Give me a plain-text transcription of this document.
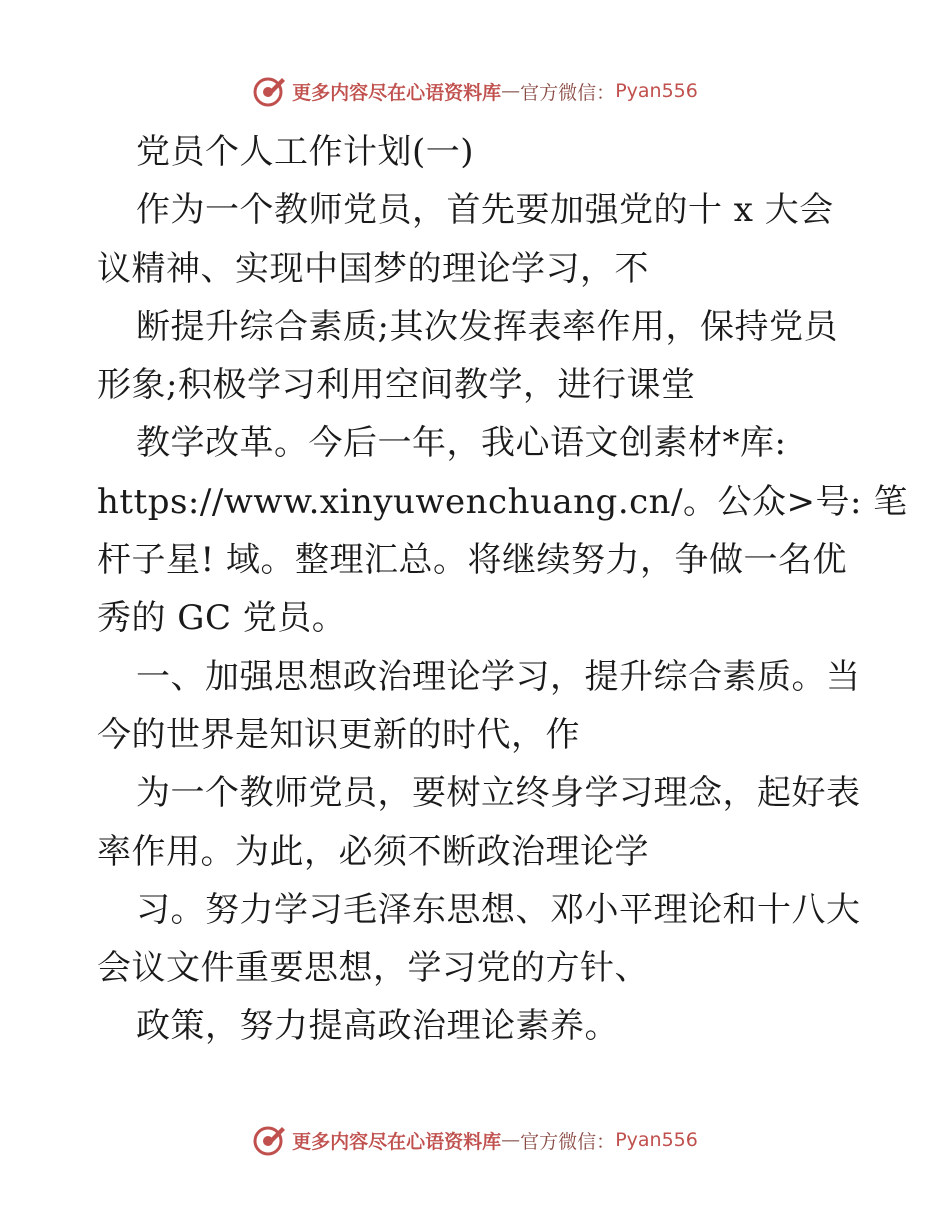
更多内容尽在 心语资料库 — 官方微信： Pyan556
党员个人工作计划(一)
作为一个教师党员，首先要加强党的十 x 大会
议精神、实现中国梦的理论学习，不
断提升综合素质;其次发挥表率作用，保持党员
形象;积极学习利用空间教学，进行课堂
教学改革。今后一年，我心语文创素材*库:
https://www.xinyuwenchuang.cn/。公众>号: 笔
杆子星! 域。整理汇总。将继续努力，争做一名优
秀的 GC 党员。
一、加强思想政治理论学习，提升综合素质。当
今的世界是知识更新的时代，作
为一个教师党员，要树立终身学习理念，起好表
率作用。为此，必须不断政治理论学
习。努力学习毛泽东思想、邓小平理论和十八大
会议文件重要思想，学习党的方针、
政策，努力提高政治理论素养。
更多内容尽在 心语资料库 — 官方微信： Pyan556
